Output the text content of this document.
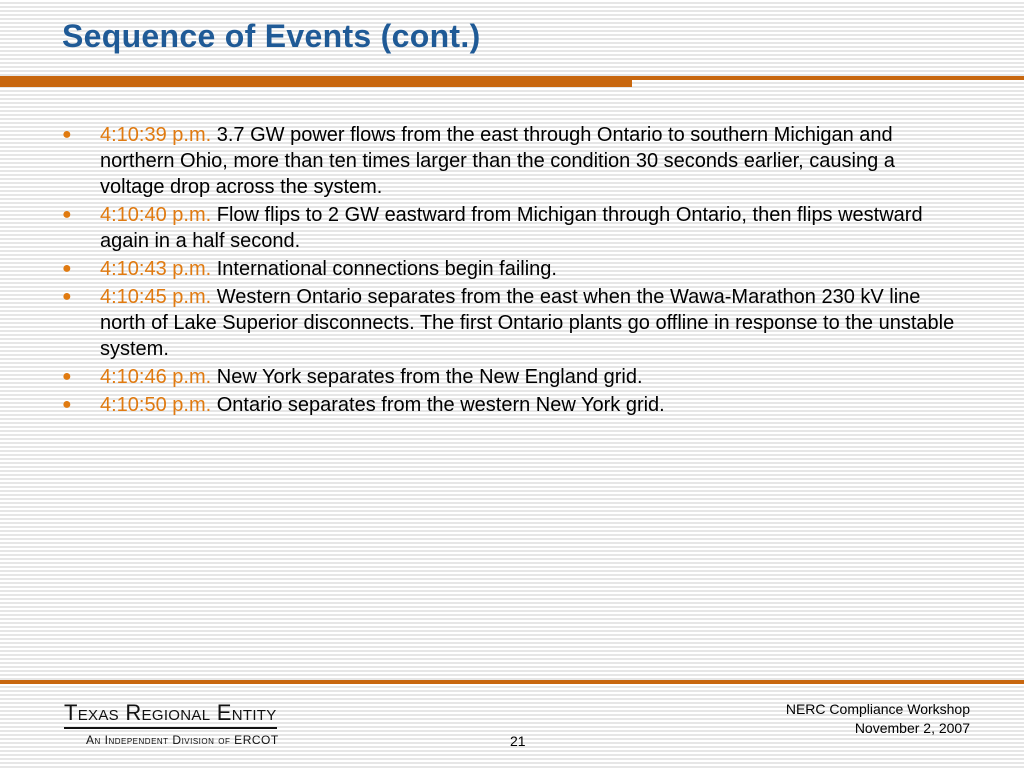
Sequence of Events (cont.)
● 4:10:39 p.m. 3.7 GW power flows from the east through Ontario to southern Michigan and northern Ohio, more than ten times larger than the condition 30 seconds earlier, causing a voltage drop across the system.
● 4:10:40 p.m. Flow flips to 2 GW eastward from Michigan through Ontario, then flips westward again in a half second.
● 4:10:43 p.m. International connections begin failing.
● 4:10:45 p.m. Western Ontario separates from the east when the Wawa-Marathon 230 kV line north of Lake Superior disconnects. The first Ontario plants go offline in response to the unstable system.
● 4:10:46 p.m. New York separates from the New England grid.
● 4:10:50 p.m. Ontario separates from the western New York grid.
Texas Regional Entity
An Independent Division of ERCOT
NERC Compliance Workshop
November 2, 2007
21
